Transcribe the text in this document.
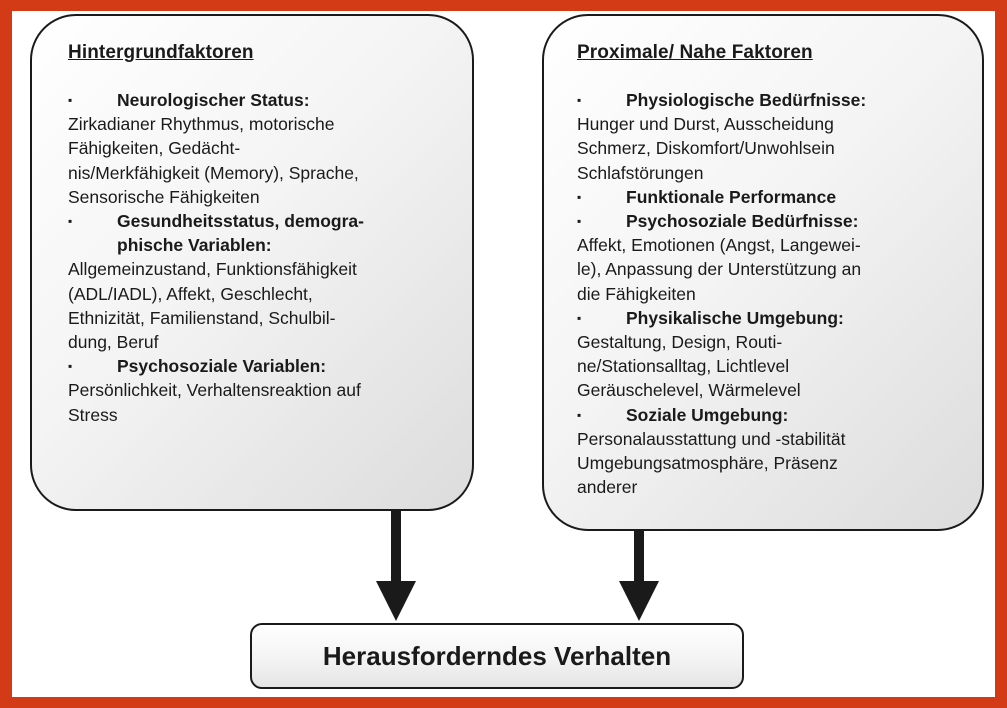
Hintergrundfaktoren
▪	Neurologischer Status:
Zirkadianer Rhythmus, motorische
Fähigkeiten, Gedächt-
nis/Merkfähigkeit (Memory), Sprache,
Sensorische Fähigkeiten
▪	Gesundheitsstatus, demogra-
phische Variablen:
Allgemeinzustand, Funktionsfähigkeit
(ADL/IADL), Affekt, Geschlecht,
Ethnizität, Familienstand, Schulbil-
dung, Beruf
▪	Psychosoziale Variablen:
Persönlichkeit, Verhaltensreaktion auf
Stress
Proximale/ Nahe Faktoren
▪	Physiologische Bedürfnisse:
Hunger und Durst, Ausscheidung
Schmerz, Diskomfort/Unwohlsein
Schlafstörungen
▪	Funktionale Performance
▪	Psychosoziale Bedürfnisse:
Affekt, Emotionen (Angst, Langewei-
le), Anpassung der Unterstützung an
die Fähigkeiten
▪	Physikalische Umgebung:
Gestaltung, Design, Routi-
ne/Stationsalltag, Lichtlevel
Geräuschelevel, Wärmelevel
▪	Soziale Umgebung:
Personalausstattung und -stabilität
Umgebungsatmosphäre, Präsenz
anderer
Herausforderndes Verhalten
